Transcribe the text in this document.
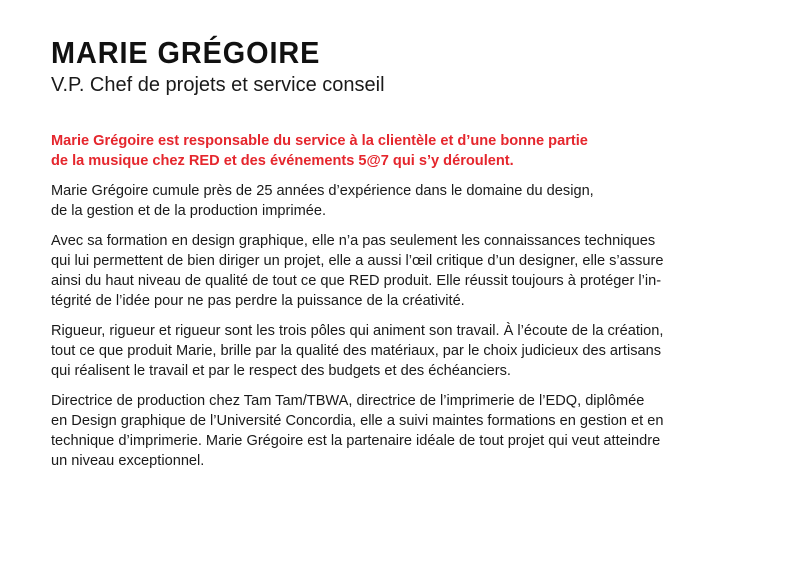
MARIE GRÉGOIRE
V.P. Chef de projets et service conseil

Marie Grégoire est responsable du service à la clientèle et d’une bonne partie
de la musique chez RED et des événements 5@7 qui s’y déroulent.

Marie Grégoire cumule près de 25 années d’expérience dans le domaine du design,
de la gestion et de la production imprimée.

Avec sa formation en design graphique, elle n’a pas seulement les connaissances techniques
qui lui permettent de bien diriger un projet, elle a aussi l’œil critique d’un designer, elle s’assure
ainsi du haut niveau de qualité de tout ce que RED produit. Elle réussit toujours à protéger l’in-
tégrité de l’idée pour ne pas perdre la puissance de la créativité.

Rigueur, rigueur et rigueur sont les trois pôles qui animent son travail. À l’écoute de la création,
tout ce que produit Marie, brille par la qualité des matériaux, par le choix judicieux des artisans
qui réalisent le travail et par le respect des budgets et des échéanciers.

Directrice de production chez Tam Tam/TBWA, directrice de l’imprimerie de l’EDQ, diplômée
en Design graphique de l’Université Concordia, elle a suivi maintes formations en gestion et en
technique d’imprimerie. Marie Grégoire est la partenaire idéale de tout projet qui veut atteindre
un niveau exceptionnel.
